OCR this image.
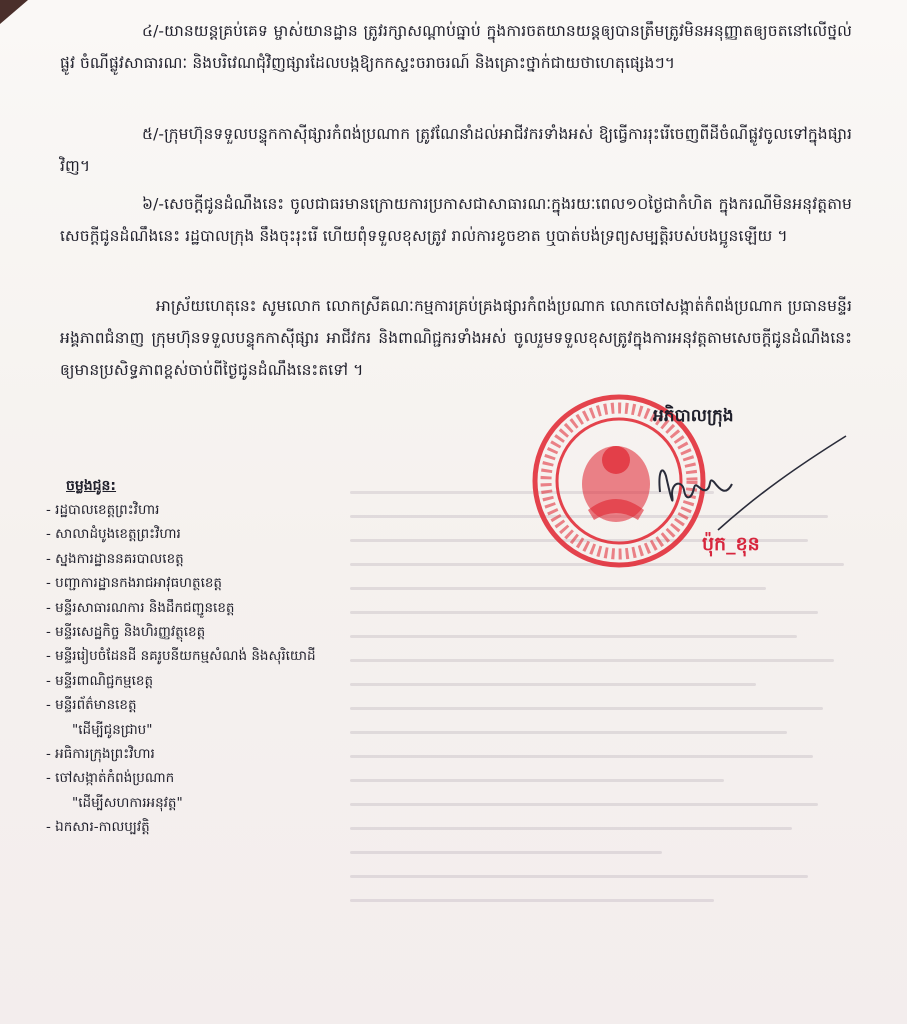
៤/-យានយន្តគ្រប់គេទ ម្ចាស់យានដ្ឋាន ត្រូវរក្សាសណ្តាប់ធ្នាប់ ក្នុងការចតយានយន្តឲ្យបានត្រឹមត្រូវមិនអនុញ្ញាតឲ្យចតនៅលើថ្នល់ផ្លូវ ចំណីផ្លូវសាធារណៈ និងបរិវេណជុំវិញផ្សារដែលបង្កឱ្យកកស្ទះចរាចរណ៍ និងគ្រោះថ្នាក់ជាយថាហេតុផ្សេងៗ។
៥/-ក្រុមហ៊ុនទទួលបន្ទុកកាស៊ីផ្សារកំពង់ប្រណាក ត្រូវណែនាំដល់អាជីវករទាំងអស់ ឱ្យធ្វើការរុះរើចេញពីដីចំណីផ្លូវចូលទៅក្នុងផ្សារវិញ។
៦/-សេចក្តីជូនដំណឹងនេះ ចូលជាធរមានក្រោយការប្រកាសជាសាធារណៈក្នុងរយៈពេល១០ថ្ងៃជាកំហិត ក្នុងករណីមិនអនុវត្តតាមសេចក្តីជូនដំណឹងនេះ រដ្ឋបាលក្រុង នឹងចុះរុះរើ ហើយពុំទទួលខុសត្រូវ រាល់ការខូចខាត ឬបាត់បង់ទ្រព្យសម្បត្តិរបស់បងប្អូនឡើយ ។
អាស្រ័យហេតុនេះ សូមលោក លោកស្រីគណៈកម្មការគ្រប់គ្រងផ្សារកំពង់ប្រណាក លោកចៅសង្កាត់កំពង់ប្រណាក ប្រធានមន្ទីរ អង្គភាពជំនាញ ក្រុមហ៊ុនទទួលបន្ទុកកាស៊ីផ្សារ អាជីវករ និងពាណិជ្ជករទាំងអស់ ចូលរួមទទួលខុសត្រូវក្នុងការអនុវត្តតាមសេចក្តីជូនដំណឹងនេះឲ្យមានប្រសិទ្ធភាពខ្ពស់ចាប់ពីថ្ងៃជូនដំណឹងនេះតទៅ ។
អភិបាលក្រុង
ប៉ុក_ខុន
ចម្លងជូន:
- រដ្ឋបាលខេត្តព្រះវិហារ
- សាលាដំបូងខេត្តព្រះវិហារ
- ស្នងការដ្ឋាននគរបាលខេត្ត
- បញ្ជាការដ្ឋានកងរាជអាវុធហត្ថខេត្ត
- មន្ទីរសាធារណការ និងដឹកជញ្ជូនខេត្ត
- មន្ទីរសេដ្ឋកិច្ច និងហិរញ្ញវត្ថុខេត្ត
- មន្ទីររៀបចំដែនដី នគរូបនីយកម្មសំណង់ និងសុរិយោដី
- មន្ទីរពាណិជ្ជកម្មខេត្ត
- មន្ទីរព័ត៌មានខេត្ត
"ដើម្បីជូនជ្រាប"
- អធិការក្រុងព្រះវិហារ
- ចៅសង្កាត់កំពង់ប្រណាក
"ដើម្បីសហការអនុវត្ត"
- ឯកសារ-កាលប្បវត្តិ
